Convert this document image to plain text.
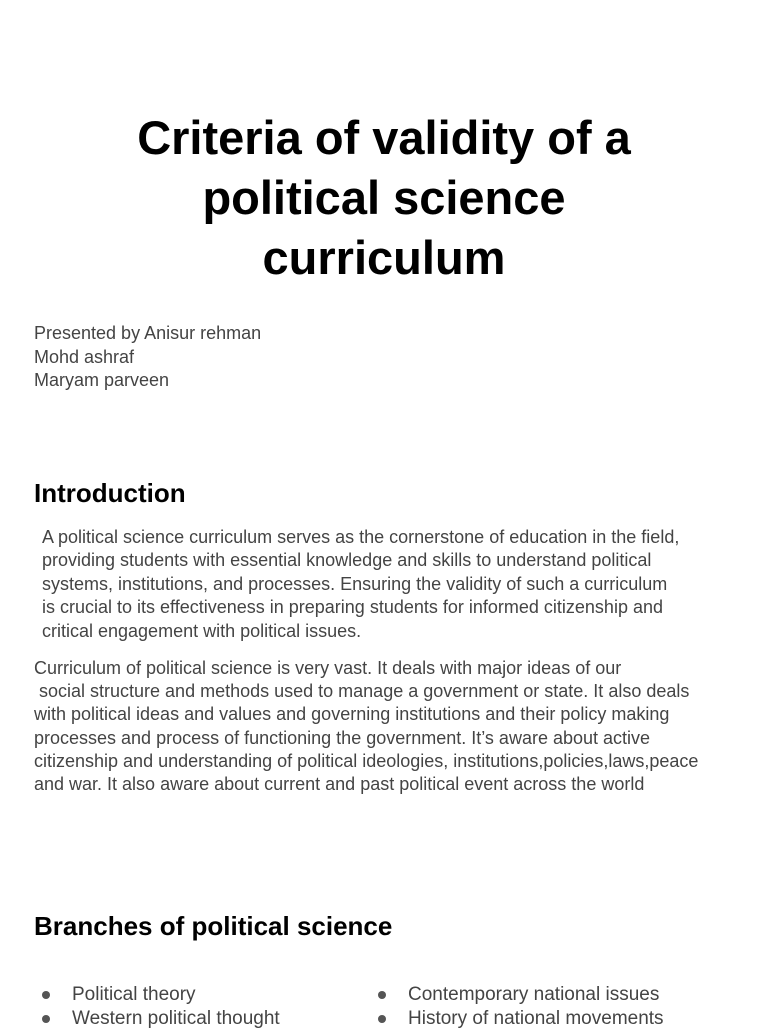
Criteria of validity of a
political science
curriculum
Presented by Anisur rehman
Mohd ashraf
Maryam parveen
Introduction
A political science curriculum serves as the cornerstone of education in the field,
providing students with essential knowledge and skills to understand political
systems, institutions, and processes. Ensuring the validity of such a curriculum
is crucial to its effectiveness in preparing students for informed citizenship and
critical engagement with political issues.
Curriculum of political science is very vast. It deals with major ideas of our
social structure and methods used to manage a government or state. It also deals
with political ideas and values and governing institutions and their policy making
processes and process of functioning the government. It’s aware about active
citizenship and understanding of political ideologies, institutions,policies,laws,peace
and war. It also aware about current and past political event across the world
Branches of political science
Political theory
Western political thought
Contemporary national issues
History of national movements
